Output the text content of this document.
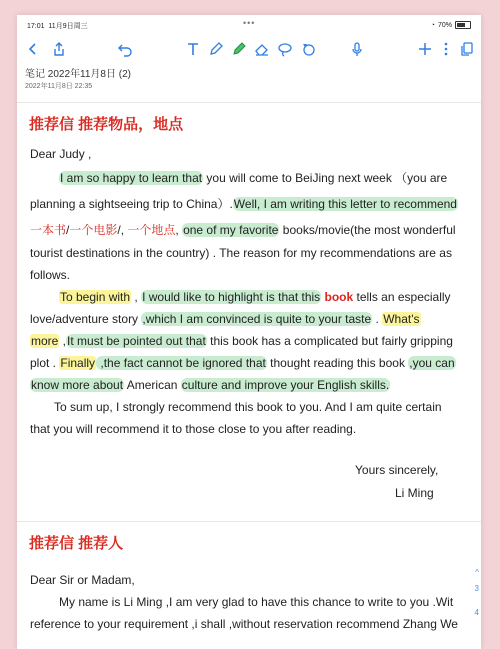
17:01 11月9日周三	•••	◔ 70%
笔记 2022年11月8日 (2)
2022年11月8日 22:35
推荐信 推荐物品，地点
Dear Judy ,
I am so happy to learn that you will come to BeiJing next week （you are
planning a sightseeing trip to China）.Well, I am writing this letter to recommend
一本书/一个电影/, 一个地点, one of my favorite books/movie(the most wonderful
tourist destinations in the country) . The reason for my recommendations are as
follows.
To begin with , I would like to highlight is that this book tells an especially
love/adventure story ,which I am convinced is quite to your taste . What's
more ,It must be pointed out that this book has a complicated but fairly gripping
plot . Finally ,the fact cannot be ignored that thought reading this book ,you can
know more about American culture and improve your English skills.
To sum up, I strongly recommend this book to you. And I am quite certain
that you will recommend it to those close to you after reading.
Yours sincerely,
Li Ming
推荐信 推荐人
Dear Sir or Madam,
My name is Li Ming ,I am very glad to have this chance to write to you .Wit
reference to your requirement ,i shall ,without reservation recommend Zhang We
^
3
4
